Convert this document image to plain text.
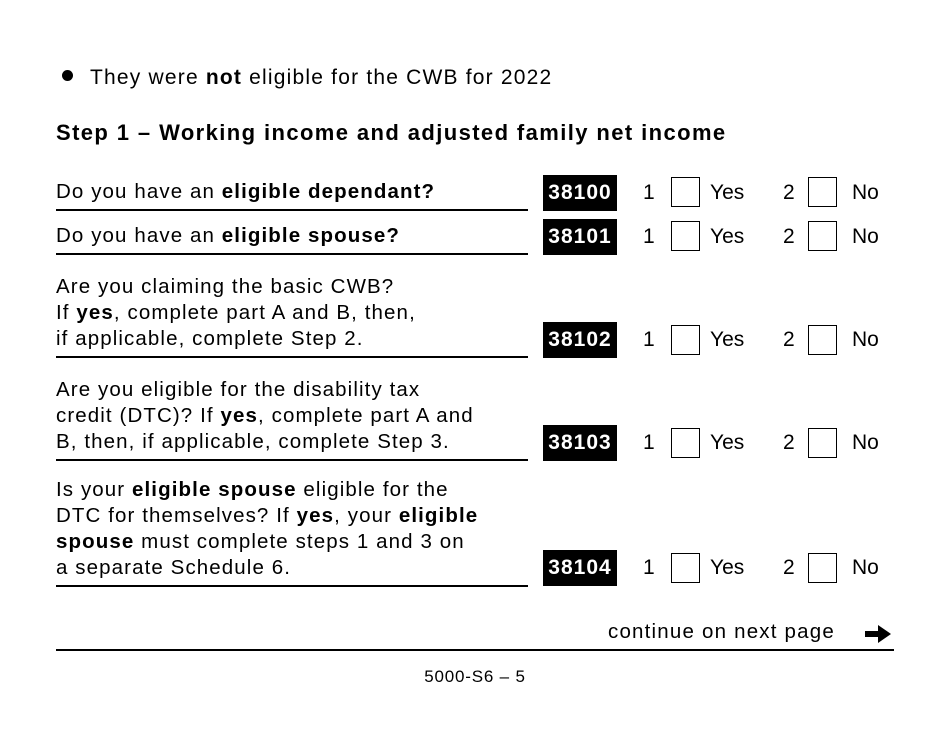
They were not eligible for the CWB for 2022
Step 1 – Working income and adjusted family net income
Do you have an eligible dependant?	38100 1	Yes 2	No
Do you have an eligible spouse?	38101 1	Yes 2	No
Are you claiming the basic CWB?
If yes, complete part A and B, then,
if applicable, complete Step 2.	38102 1	Yes 2	No
Are you eligible for the disability tax
credit (DTC)? If yes, complete part A and
B, then, if applicable, complete Step 3.	38103 1	Yes 2	No
Is your eligible spouse eligible for the
DTC for themselves? If yes, your eligible
spouse must complete steps 1 and 3 on
a separate Schedule 6.	38104 1	Yes 2	No
continue on next page
5000-S6 – 5
